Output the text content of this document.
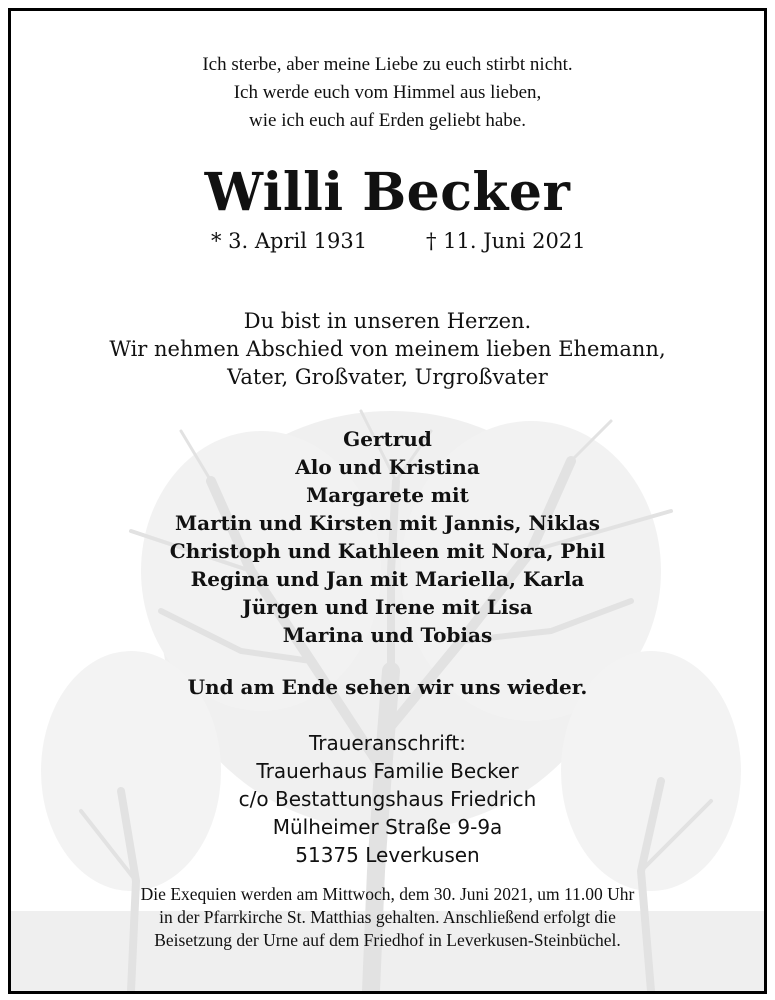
Ich sterbe, aber meine Liebe zu euch stirbt nicht.
Ich werde euch vom Himmel aus lieben,
wie ich euch auf Erden geliebt habe.
Willi Becker
* 3. April 1931	† 11. Juni 2021
Du bist in unseren Herzen.
Wir nehmen Abschied von meinem lieben Ehemann,
Vater, Großvater, Urgroßvater
Gertrud
Alo und Kristina
Margarete mit
Martin und Kirsten mit Jannis, Niklas
Christoph und Kathleen mit Nora, Phil
Regina und Jan mit Mariella, Karla
Jürgen und Irene mit Lisa
Marina und Tobias
Und am Ende sehen wir uns wieder.
Traueranschrift:
Trauerhaus Familie Becker
c/o Bestattungshaus Friedrich
Mülheimer Straße 9-9a
51375 Leverkusen
Die Exequien werden am Mittwoch, dem 30. Juni 2021, um 11.00 Uhr
in der Pfarrkirche St. Matthias gehalten. Anschließend erfolgt die
Beisetzung der Urne auf dem Friedhof in Leverkusen-Steinbüchel.
